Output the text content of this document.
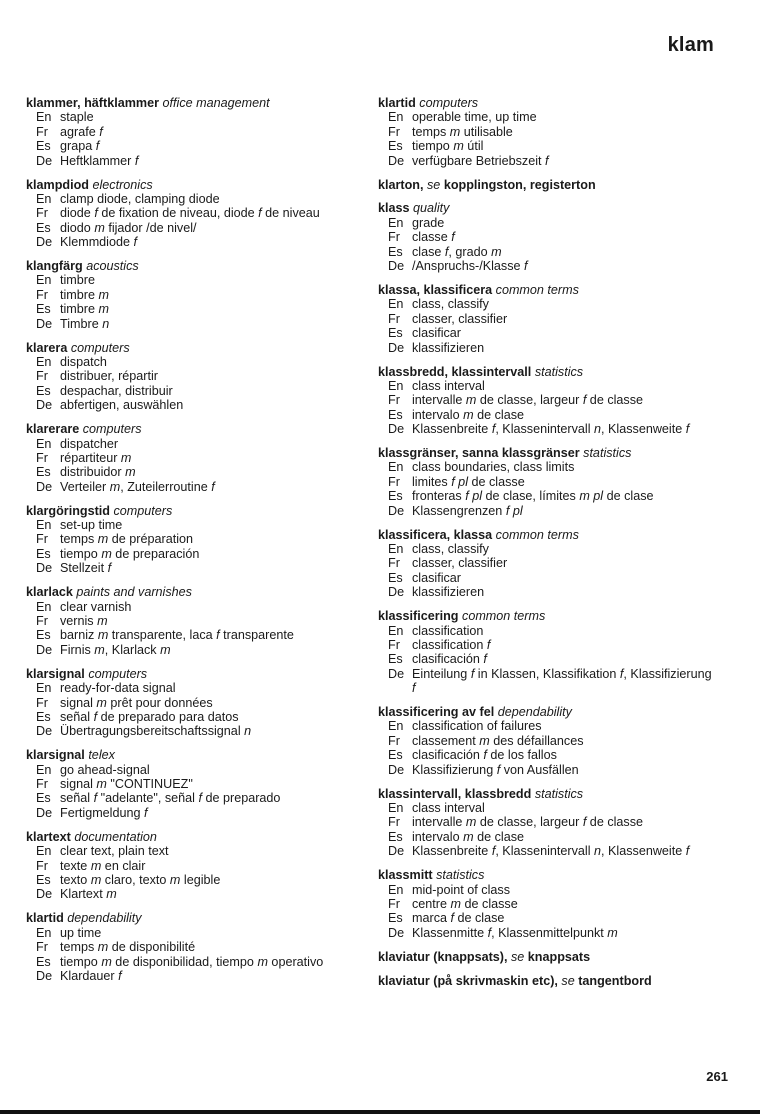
klam
klammer, häftklammer office management
En staple
Fr agrafe f
Es grapa f
De Heftklammer f
klampdiod electronics
En clamp diode, clamping diode
Fr diode f de fixation de niveau, diode f de niveau
Es diodo m fijador /de nivel/
De Klemmdiode f
klangfärg acoustics
En timbre
Fr timbre m
Es timbre m
De Timbre n
klarera computers
En dispatch
Fr distribuer, répartir
Es despachar, distribuir
De abfertigen, auswählen
klarerare computers
En dispatcher
Fr répartiteur m
Es distribuidor m
De Verteiler m, Zuteilerroutine f
klargöringstid computers
En set-up time
Fr temps m de préparation
Es tiempo m de preparación
De Stellzeit f
klarlack paints and varnishes
En clear varnish
Fr vernis m
Es barniz m transparente, laca f transparente
De Firnis m, Klarlack m
klarsignal computers
En ready-for-data signal
Fr signal m prêt pour données
Es señal f de preparado para datos
De Übertragungsbereitschaftssignal n
klarsignal telex
En go ahead-signal
Fr signal m "CONTINUEZ"
Es señal f "adelante", señal f de preparado
De Fertigmeldung f
klartext documentation
En clear text, plain text
Fr texte m en clair
Es texto m claro, texto m legible
De Klartext m
klartid dependability
En up time
Fr temps m de disponibilité
Es tiempo m de disponibilidad, tiempo m operativo
De Klardauer f
klartid computers
En operable time, up time
Fr temps m utilisable
Es tiempo m útil
De verfügbare Betriebszeit f
klarton, se kopplingston, registerton
klass quality
En grade
Fr classe f
Es clase f, grado m
De /Anspruchs-/Klasse f
klassa, klassificera common terms
En class, classify
Fr classer, classifier
Es clasificar
De klassifizieren
klassbredd, klassintervall statistics
En class interval
Fr intervalle m de classe, largeur f de classe
Es intervalo m de clase
De Klassenbreite f, Klassenintervall n, Klassenweite f
klassgränser, sanna klassgränser statistics
En class boundaries, class limits
Fr limites f pl de classe
Es fronteras f pl de clase, límites m pl de clase
De Klassengrenzen f pl
klassificera, klassa common terms
En class, classify
Fr classer, classifier
Es clasificar
De klassifizieren
klassificering common terms
En classification
Fr classification f
Es clasificación f
De Einteilung f in Klassen, Klassifikation f, Klassifizierung f
klassificering av fel dependability
En classification of failures
Fr classement m des défaillances
Es clasificación f de los fallos
De Klassifizierung f von Ausfällen
klassintervall, klassbredd statistics
En class interval
Fr intervalle m de classe, largeur f de classe
Es intervalo m de clase
De Klassenbreite f, Klassenintervall n, Klassenweite f
klassmitt statistics
En mid-point of class
Fr centre m de classe
Es marca f de clase
De Klassenmitte f, Klassenmittelpunkt m
klaviatur (knappsats), se knappsats
klaviatur (på skrivmaskin etc), se tangentbord
261
